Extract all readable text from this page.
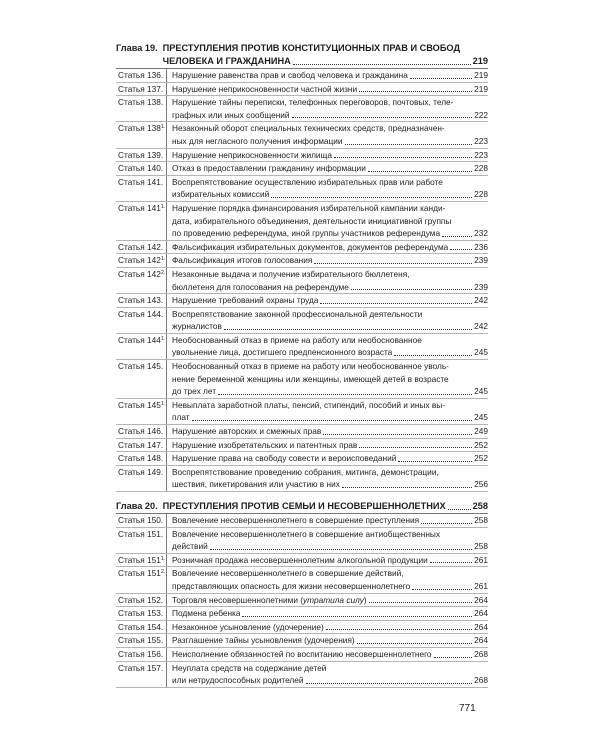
Глава 19. ПРЕСТУПЛЕНИЯ ПРОТИВ КОНСТИТУЦИОННЫХ ПРАВ И СВОБОД
ЧЕЛОВЕКА И ГРАЖДАНИНА	219
Статья 136.	Нарушение равенства прав и свобод человека и гражданина	219
Статья 137.	Нарушение неприкосновенности частной жизни	219
Статья 138.	Нарушение тайны переписки, телефонных переговоров, почтовых, теле-
графных или иных сообщений	222
Статья $138^{1.}$ Незаконный оборот специальных технических средств, предназначен-
ных для негласного получения информации	223
Статья 139.	Нарушение неприкосновенности жилища	223
Статья 140.	Отказ в предоставлении гражданину информации	228
Статья 141.	Воспрепятствование осуществлению избирательных прав или работе
избирательных комиссий	228
Статья $141^{1.}$ Нарушение порядка финансирования избирательной кампании канди-
дата, избирательного объединения, деятельности инициативной группы
по проведению референдума, иной группы участников референдума	232
Статья 142.	Фальсификация избирательных документов, документов референдума	236
Статья $142^{1.}$ Фальсификация итогов голосования	239
Статья $142^{2.}$ Незаконные выдача и получение избирательного бюллетеня,
бюллетеня для голосования на референдуме	239
Статья 143.	Нарушение требований охраны труда	242
Статья 144.	Воспрепятствование законной профессиональной деятельности
журналистов	242
Статья $144^{1.}$ Необоснованный отказ в приеме на работу или необоснованное
увольнение лица, достигшего предпенсионного возраста	245
Статья 145.	Необоснованный отказ в приеме на работу или необоснованное уволь-
нение беременной женщины или женщины, имеющей детей в возрасте
до трех лет	245
Статья $145^{1.}$ Невыплата заработной платы, пенсий, стипендий, пособий и иных вы-
плат	245
Статья 146.	Нарушение авторских и смежных прав	249
Статья 147.	Нарушение изобретательских и патентных прав	252
Статья 148.	Нарушение права на свободу совести и вероисповеданий	252
Статья 149.	Воспрепятствование проведению собрания, митинга, демонстрации,
шествия, пикетирования или участию в них	256
Глава 20. ПРЕСТУПЛЕНИЯ ПРОТИВ СЕМЬИ И НЕСОВЕРШЕННОЛЕТНИХ	258
Статья 150.	Вовлечение несовершеннолетнего в совершение преступления	258
Статья 151.	Вовлечение несовершеннолетнего в совершение антиобщественных
действий	258
Статья $151^{1.}$ Розничная продажа несовершеннолетним алкогольной продукции	261
Статья $151^{2.}$ Вовлечение несовершеннолетнего в совершение действий,
представляющих опасность для жизни несовершеннолетнего	261
Статья 152.	Торговля несовершеннолетними (утратила силу)	264
Статья 153.	Подмена ребенка	264
Статья 154.	Незаконное усыновление (удочерение)	264
Статья 155.	Разглашение тайны усыновления (удочерения)	264
Статья 156.	Неисполнение обязанностей по воспитанию несовершеннолетнего	268
Статья 157.	Неуплата средств на содержание детей
или нетрудоспособных родителей	268
771
